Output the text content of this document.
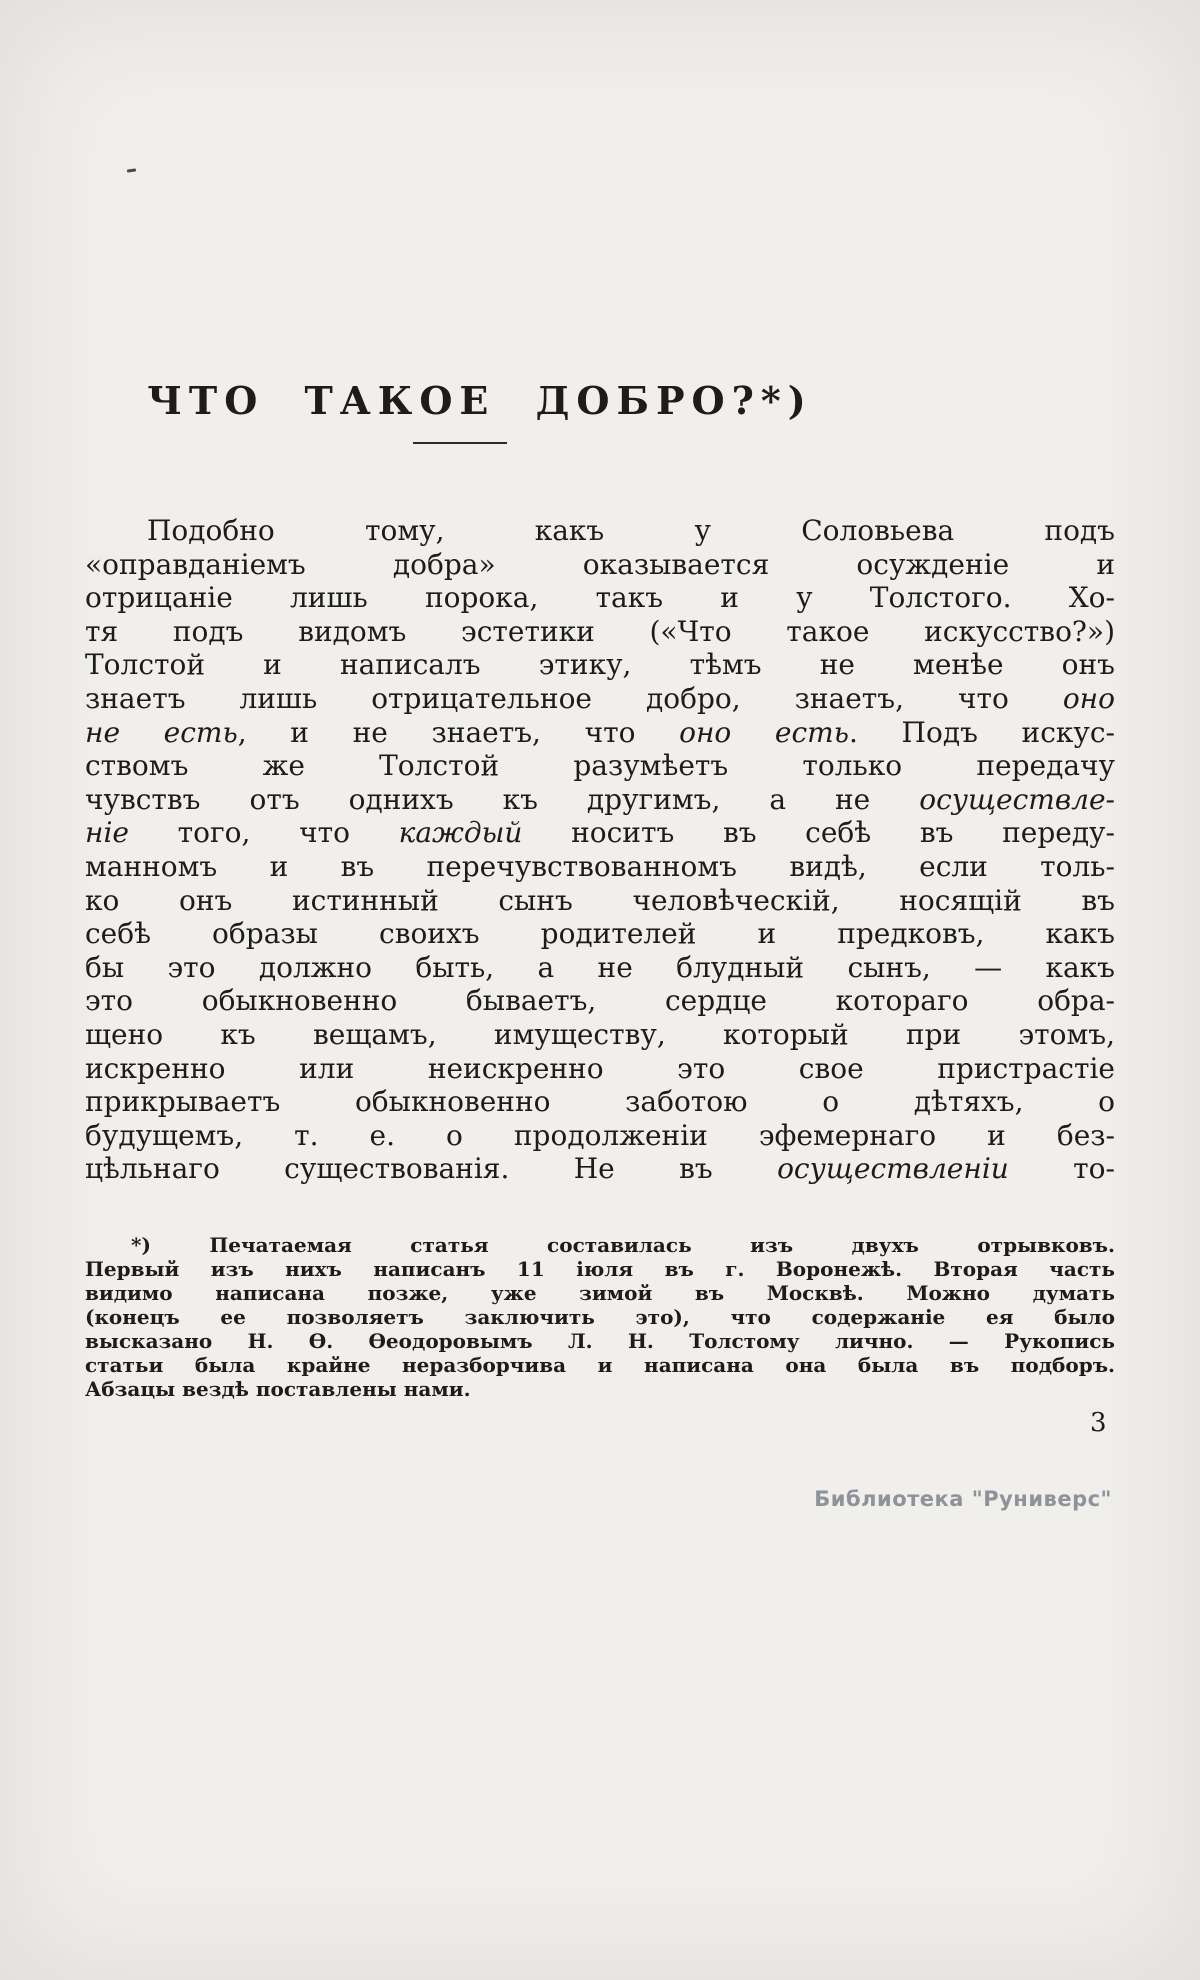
ЧТО ТАКОЕ ДОБРО?*)
Подобно тому, какъ у Соловьева подъ
«оправданіемъ добра» оказывается осужденіе и
отрицаніе лишь порока, такъ и у Толстого. Хо-
тя подъ видомъ эстетики («Что такое искусство?»)
Толстой и написалъ этику, тѣмъ не менѣе онъ
знаетъ лишь отрицательное добро, знаетъ, что оно
не есть, и не знаетъ, что оно есть. Подъ искус-
ствомъ же Толстой разумѣетъ только передачу
чувствъ отъ однихъ къ другимъ, а не осуществле-
ніе того, что каждый носитъ въ себѣ въ переду-
манномъ и въ перечувствованномъ видѣ, если толь-
ко онъ истинный сынъ человѣческій, носящій въ
себѣ образы своихъ родителей и предковъ, какъ
бы это должно быть, а не блудный сынъ, — какъ
это обыкновенно бываетъ, сердце котораго обра-
щено къ вещамъ, имуществу, который при этомъ,
искренно или неискренно это свое пристрастіе
прикрываетъ обыкновенно заботою о дѣтяхъ, о
будущемъ, т. е. о продолженіи эфемернаго и без-
цѣльнаго существованія. Не въ осуществленіи то-
*) Печатаемая статья составилась изъ двухъ отрывковъ.
Первый изъ нихъ написанъ 11 іюля въ г. Воронежѣ. Вторая часть
видимо написана позже, уже зимой въ Москвѣ. Можно думать
(конецъ ее позволяетъ заключить это), что содержаніе ея было
высказано Н. Ѳ. Ѳеодоровымъ Л. Н. Толстому лично. — Рукопись
статьи была крайне неразборчива и написана она была въ подборъ.
Абзацы вездѣ поставлены нами.
3
Библиотека "Руниверс"
